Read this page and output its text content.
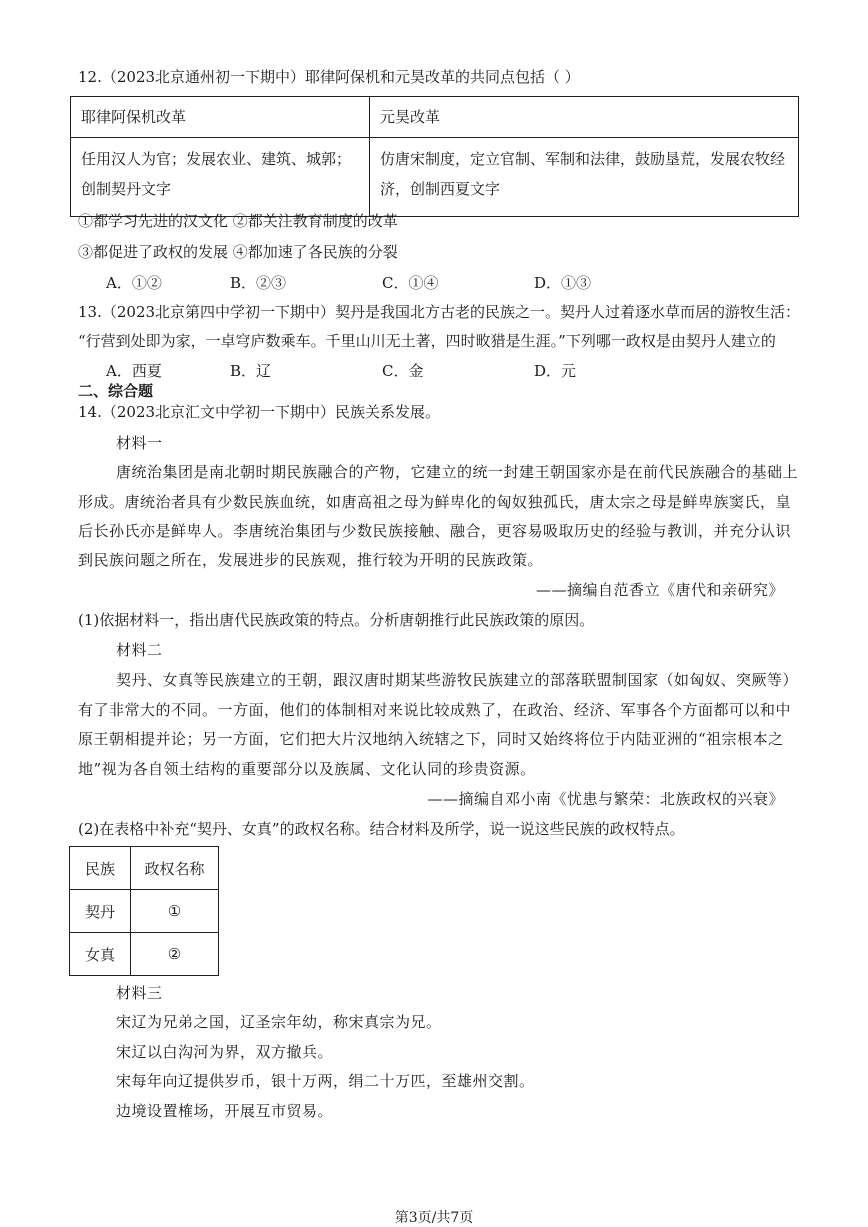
12.（2023北京通州初一下期中）耶律阿保机和元昊改革的共同点包括（ ）
耶律阿保机改革	元昊改革
任用汉人为官；发展农业、建筑、城郭；创制契丹文字	仿唐宋制度，定立官制、军制和法律，鼓励垦荒，发展农牧经济，创制西夏文字
①都学习先进的汉文化 ②都关注教育制度的改革
③都促进了政权的发展 ④都加速了各民族的分裂
A．①②	B．②③	C．①④	D．①③
13.（2023北京第四中学初一下期中）契丹是我国北方古老的民族之一。契丹人过着逐水草而居的游牧生活：
“行营到处即为家，一卓穹庐数乘车。千里山川无土著，四时畋猎是生涯。”下列哪一政权是由契丹人建立的
A．西夏	B．辽	C．金	D．元
二、综合题
14.（2023北京汇文中学初一下期中）民族关系发展。
材料一
唐统治集团是南北朝时期民族融合的产物，它建立的统一封建王朝国家亦是在前代民族融合的基础上
形成。唐统治者具有少数民族血统，如唐高祖之母为鲜卑化的匈奴独孤氏，唐太宗之母是鲜卑族窦氏，皇
后长孙氏亦是鲜卑人。李唐统治集团与少数民族接触、融合，更容易吸取历史的经验与教训，并充分认识
到民族问题之所在，发展进步的民族观，推行较为开明的民族政策。
——摘编自范香立《唐代和亲研究》
(1)依据材料一，指出唐代民族政策的特点。分析唐朝推行此民族政策的原因。
材料二
契丹、女真等民族建立的王朝，跟汉唐时期某些游牧民族建立的部落联盟制国家（如匈奴、突厥等）
有了非常大的不同。一方面，他们的体制相对来说比较成熟了，在政治、经济、军事各个方面都可以和中
原王朝相提并论；另一方面，它们把大片汉地纳入统辖之下，同时又始终将位于内陆亚洲的“祖宗根本之
地”视为各自领土结构的重要部分以及族属、文化认同的珍贵资源。
——摘编自邓小南《忧患与繁荣：北族政权的兴衰》
(2)在表格中补充“契丹、女真”的政权名称。结合材料及所学，说一说这些民族的政权特点。
民族	政权名称
契丹	①
女真	②
材料三
宋辽为兄弟之国，辽圣宗年幼，称宋真宗为兄。
宋辽以白沟河为界，双方撤兵。
宋每年向辽提供岁币，银十万两，绢二十万匹，至雄州交割。
边境设置榷场，开展互市贸易。
第3页/共7页
